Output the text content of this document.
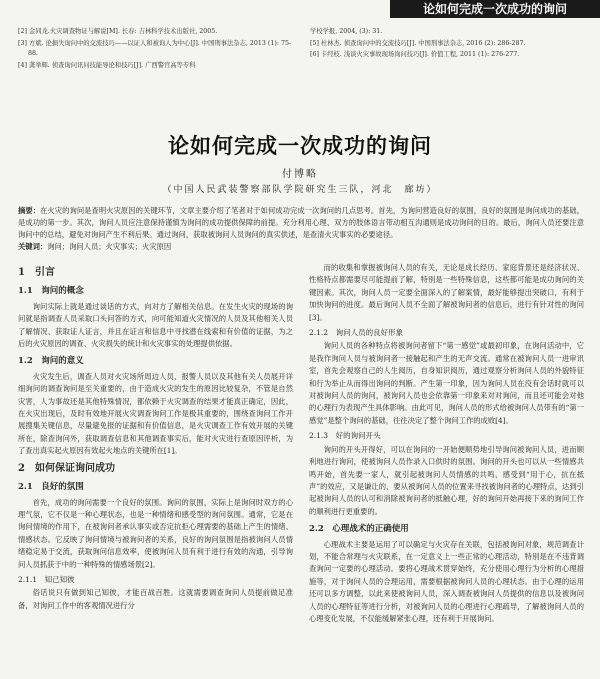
论如何完成一次成功的询问
[2] 金同龙.火灾调查物证与解说[M]. 长春: 吉林科学技术出版社, 2005.
[3] 方斌. 论损失询问中的交流技巧——以证人和被询人为中心[J]. 中国刑事法杂志, 2013 (1): 75-88.
[4] 龚举辉. 侦查询问讯问技能导论和技巧[J]. 广西警官高等专科
学校学报, 2004, (3): 31.
[5] 杜林杰. 侦查询问中的交流技巧[J]. 中国刑事法杂志, 2016 (2): 286-287.
[6] 卡经枝. 浅谈火灾事故现场询问技巧[J]. 价值工程, 2011 (1): 276-277.
论如何完成一次成功的询问
付博略
（中国人民武装警察部队学院研究生三队，河北　廊坊）

摘要：在火灾的询问是查明火灾原因的关键环节，文章主要介绍了笔者对于如何成功完成一次询问的几点思考。首先，为询问营造良好的氛围，良好的氛围是询问成功的基础，是成功的第一步。其次，询问人员应注意保持谨慎为询问的成功提供保障的前提。充分利用心理、双方的肢体语言带动相互沟通则是成功询问的目的。最后，询问人员还要注意询问中的总结，避免对询问产生不利后果。通过询问，获取被询问人员询问的真实供述，是查清火灾事实的必要途径。

关键词：询问；询问人员；火灾事实；火灾原因

1　引言
1.1　询问的概念

询问实际上就是通过谈话的方式，向对方了解相关信息。在发生火灾的现场的询问就是指调查人员采取口头问答的方式，向可能知道火灾情况的人员及其他相关人员了解情况、获取证人证言，并且在证言和信息中寻找潜在线索和有价值的证据，为之后的火灾原因的调查、火灾损失的统计和火灾事实的处理提供依据。

1.2　询问的意义

火灾发生后，调查人员对火灾场所周边人员、报警人员以及其他有关人员展开详细询问的调查询问是至关重要的，由于造成火灾的发生的原因比较复杂，不管是自然灾害，人为事故还是其他特殊情况，都依赖于火灾调查的结果才能真正确定，因此，在火灾出现后，及时有效地开展火灾调查询问工作是极其重要的，围绕查询问工作开展搜集关键信息，尽量避免报的证据和有价值信息，是火灾调查工作有效开展的关键所在，除查询问外，获取调查信息和其他调查事实后，能对火灾进行查原因评析，为了查出真实起火原因有效起火地点的关键所在[1]。

2　如何保证询问成功
2.1　良好的氛围

首先，成功的询问需要一个良好的氛围。询问的氛围，实际上是询问时双方的心理气氛，它不仅是一种心理状态，也是一种情绪和感受型的询问氛围。通常，它是在询问情境的作用下，在被询问者承认事实或否定抗拒心理需要的基础上产生的情绪、情感状态。它反映了询问情境与被询问者的关系，良好的询问氛围是指被询问人员情绪稳定易于交流，获取询问信息效率，使被询问人员有利于进行有效的沟通，引导询问人员抓获于中的一种特殊的情感场景[2]。

2.1.1　知己知彼

俗话说只有做到知己知彼，才能百战百胜。这就需要调查询问人员提前做足准备，对询问工作中的客观情况进行分

而的收集和掌握被询问人员的有关，无论是成长经历、家庭背景还是经济状况、性格特点都需要尽可能提前了解，特别是一些特殊信息，这些都可能是成功询问的关键因素。其次，询问人员一定要全面深入的了解案情，最好能够提出突破口，有利于加快询问的进度。最后询问人员不全面了解被询问者的信息后，进行有针对性的询问[3]。

2.1.2　询问人员的良好形象

询问人员的各种特点将被询问者留下“第一感觉”或最初印象，在询问活动中，它是我作询问人员与被询问者一接触起和产生的无声交流。通常在被询问人员一进审讯室，首先会观察自己的人生阅历，自身知识阅历，通过观察分析询问人员的外貌特征和行为举止从而得出询问的判断。产生第一印象，因为询问人员在没有会话时就可以对被询问人员的询问，被询问人员也会依靠第一印象来对对询问，而且还可能会对他的心理行为表现产生具体影响。由此可见，询问人员的形式给被询问人员带有的“第一感觉”是整个询问的基础，往往决定了整个询问工作的成败[4]。

2.1.3　好的询问开头

询问的开头开得好，可以在询问的一开始便顺势地引导询问被询问人员，进而顺利地进行询问，使被询问人员作录入口供时的氛围。询问的开头也可以从一些情感共鸣开始，首先要一家人，就引起被询问人员情感的共鸣，感受到“用于心，抗在抵声”的效应，又是谦让的，要从被询问人员的位置来寻找被询问者的心理特点，达到引起被询问人员的认可和消除被询问者的抵触心理，好的询问开始再接下来的询问工作的顺利进行更重要的。

2.2　心理战术的正确使用

心理战术主要是运用了可以确定与火灾存在关联，包括被询问对象，规范调查计划，不能合常理与火灾联系，在一定意义上一些正常的心理活动，特别是在不违背调查询问一定要的心理活动。要将心理战术贯穿始终，充分使用心理行为分析的心理措施等，对于询问人员的合理运用，需要根据被询问人员的心理状态。由于心理的运用还可以多方调整，以此来使被询问人员，深入调查被询问人员提供的信息以及被询问人员的心理特征等进行分析，对被询问人员的心理进行心理疏导，了解被询问人员的心理变化发展，不仅能缓解紧张心理，还有利于开展询问。
